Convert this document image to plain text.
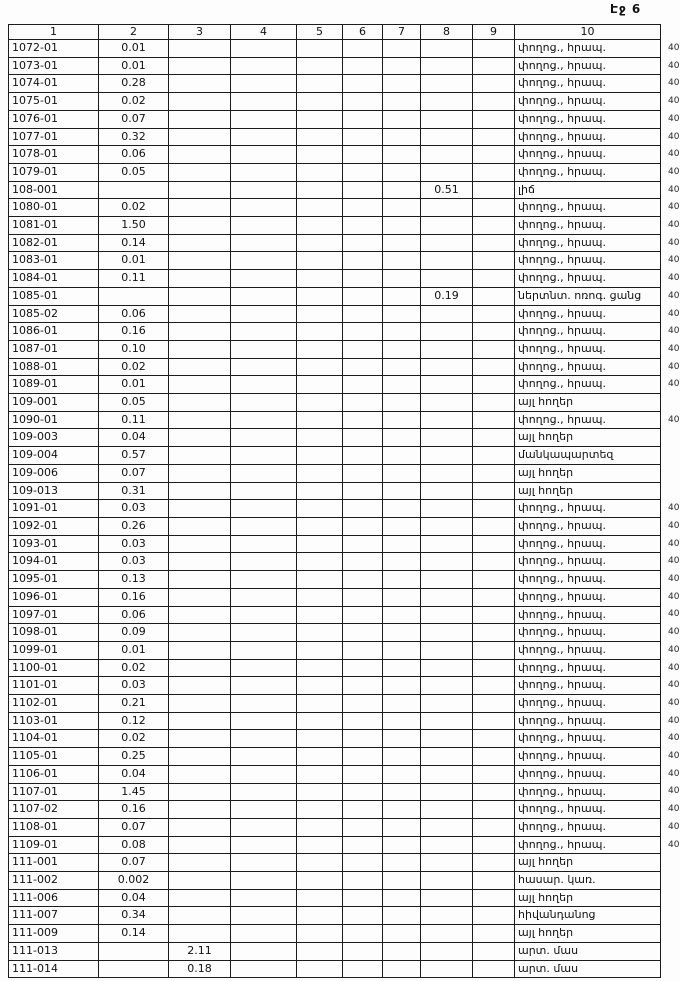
Էջ 6
1	2	3	4	5	6	7	8	9	10
1072-01	0.01								փողոց., հրապ.
1073-01	0.01								փողոց., հրապ.
1074-01	0.28								փողոց., հրապ.
1075-01	0.02								փողոց., հրապ.
1076-01	0.07								փողոց., հրապ.
1077-01	0.32								փողոց., հրապ.
1078-01	0.06								փողոց., հրապ.
1079-01	0.05								փողոց., հրապ.
108-001							0.51		լիճ
1080-01	0.02								փողոց., հրապ.
1081-01	1.50								փողոց., հրապ.
1082-01	0.14								փողոց., հրապ.
1083-01	0.01								փողոց., հրապ.
1084-01	0.11								փողոց., հրապ.
1085-01							0.19		ներտնտ. ոռոգ. ցանց
1085-02	0.06								փողոց., հրապ.
1086-01	0.16								փողոց., հրապ.
1087-01	0.10								փողոց., հրապ.
1088-01	0.02								փողոց., հրապ.
1089-01	0.01								փողոց., հրապ.
109-001	0.05								այլ հողեր
1090-01	0.11								փողոց., հրապ.
109-003	0.04								այլ հողեր
109-004	0.57								մանկապարտեզ
109-006	0.07								այլ հողեր
109-013	0.31								այլ հողեր
1091-01	0.03								փողոց., հրապ.
1092-01	0.26								փողոց., հրապ.
1093-01	0.03								փողոց., հրապ.
1094-01	0.03								փողոց., հրապ.
1095-01	0.13								փողոց., հրապ.
1096-01	0.16								փողոց., հրապ.
1097-01	0.06								փողոց., հրապ.
1098-01	0.09								փողոց., հրապ.
1099-01	0.01								փողոց., հրապ.
1100-01	0.02								փողոց., հրապ.
1101-01	0.03								փողոց., հրապ.
1102-01	0.21								փողոց., հրապ.
1103-01	0.12								փողոց., հրապ.
1104-01	0.02								փողոց., հրապ.
1105-01	0.25								փողոց., հրապ.
1106-01	0.04								փողոց., հրապ.
1107-01	1.45								փողոց., հրապ.
1107-02	0.16								փողոց., հրապ.
1108-01	0.07								փողոց., հրապ.
1109-01	0.08								փողոց., հրապ.
111-001	0.07								այլ հողեր
111-002	0.002								հասար. կառ.
111-006	0.04								այլ հողեր
111-007	0.34								հիվանդանոց
111-009	0.14								այլ հողեր
111-013		2.11							արտ. մաս
111-014		0.18							արտ. մաս
40
40
40
40
40
40
40
40
40
40
40
40
40
40
40
40
40
40
40
40
40
40
40
40
40
40
40
40
40
40
40
40
40
40
40
40
40
40
40
40
40
